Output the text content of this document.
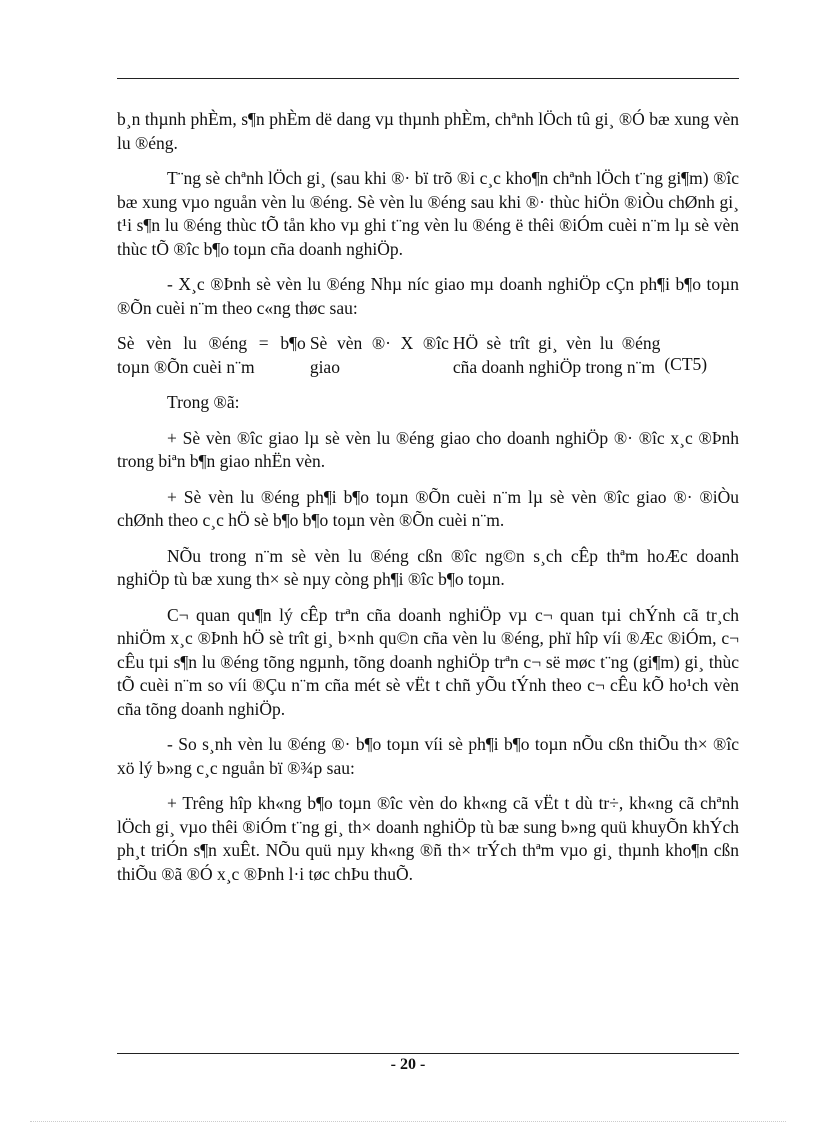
b¸n thµnh phÈm, s¶n phÈm dë dang vµ thµnh phÈm, chªnh lÖch tû gi¸ ®Ó bæ xung vèn lu ®éng.

T¨ng sè chªnh lÖch gi¸ (sau khi ®· bï trõ ®i c¸c kho¶n chªnh lÖch t¨ng gi¶m) ®îc bæ xung vµo nguån vèn lu ®éng. Sè vèn lu ®éng sau khi ®· thùc hiÖn ®iÒu chØnh gi¸ t¹i s¶n lu ®éng thùc tÕ tån kho vµ ghi t¨ng vèn lu ®éng ë thêi ®iÓm cuèi n¨m lµ sè vèn thùc tÕ ®îc b¶o toµn cña doanh nghiÖp.

- X¸c ®Þnh sè vèn lu ®éng Nhµ níc giao mµ doanh nghiÖp cÇn ph¶i b¶o toµn ®Õn cuèi n¨m theo c«ng thøc sau:

Sè vèn lu ®éng = b¶o toµn ®Õn cuèi n¨m	Sè vèn ®· X ®îc giao	HÖ sè trît gi¸ vèn lu ®éng cña doanh nghiÖp trong n¨m	(CT5)

Trong ®ã:

+ Sè vèn ®îc giao lµ sè vèn lu ®éng giao cho doanh nghiÖp ®· ®îc x¸c ®Þnh trong biªn b¶n giao nhËn vèn.

+ Sè vèn lu ®éng ph¶i b¶o toµn ®Õn cuèi n¨m lµ sè vèn ®îc giao ®· ®iÒu chØnh theo c¸c hÖ sè b¶o b¶o toµn vèn ®Õn cuèi n¨m.

NÕu trong n¨m sè vèn lu ®éng cßn ®îc ng©n s¸ch cÊp thªm hoÆc doanh nghiÖp tù bæ xung th× sè nµy còng ph¶i ®îc b¶o toµn.

C¬ quan qu¶n lý cÊp trªn cña doanh nghiÖp vµ c¬ quan tµi chÝnh cã tr¸ch nhiÖm x¸c ®Þnh hÖ sè trît gi¸ b×nh qu©n cña vèn lu ®éng, phï hîp víi ®Æc ®iÓm, c¬ cÊu tµi s¶n lu ®éng tõng ngµnh, tõng doanh nghiÖp trªn c¬ së møc t¨ng (gi¶m) gi¸ thùc tÕ cuèi n¨m so víi ®Çu n¨m cña mét sè vËt t chñ yÕu tÝnh theo c¬ cÊu kÕ ho¹ch vèn cña tõng doanh nghiÖp.

- So s¸nh vèn lu ®éng ®· b¶o toµn víi sè ph¶i b¶o toµn nÕu cßn thiÕu th× ®îc xö lý b»ng c¸c nguån bï ®¾p sau:

+ Trêng hîp kh«ng b¶o toµn ®îc vèn do kh«ng cã vËt t dù tr÷, kh«ng cã chªnh lÖch gi¸ vµo thêi ®iÓm t¨ng gi¸ th× doanh nghiÖp tù bæ sung b»ng quü khuyÕn khÝch ph¸t triÓn s¶n xuÊt. NÕu quü nµy kh«ng ®ñ th× trÝch thªm vµo gi¸ thµnh kho¶n cßn thiÕu ®ã ®Ó x¸c ®Þnh l·i tøc chÞu thuÕ.

- 20 -
